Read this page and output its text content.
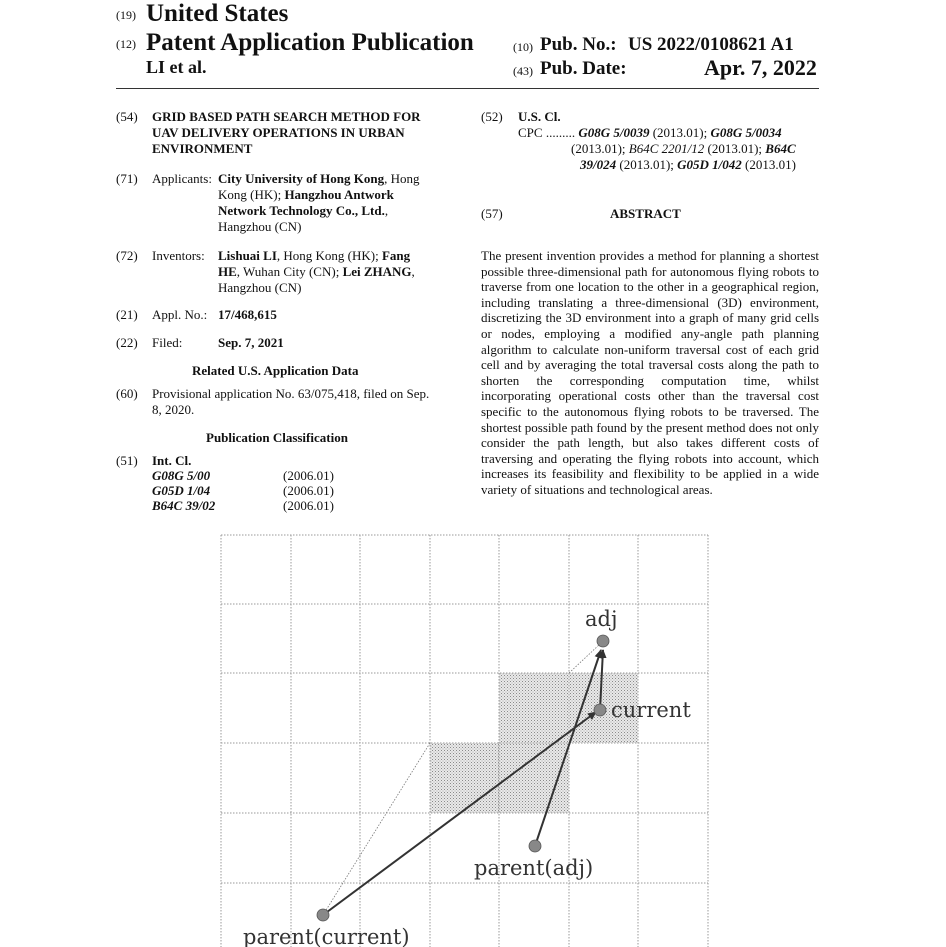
(19) United States
(12) Patent Application Publication
LI et al.
(10) Pub. No.: US 2022/0108621 A1
(43) Pub. Date:	Apr. 7, 2022
(54) GRID BASED PATH SEARCH METHOD FOR
UAV DELIVERY OPERATIONS IN URBAN
ENVIRONMENT
(71) Applicants: City University of Hong Kong, Hong
Kong (HK); Hangzhou Antwork
Network Technology Co., Ltd.,
Hangzhou (CN)
(72) Inventors: Lishuai LI, Hong Kong (HK); Fang
HE, Wuhan City (CN); Lei ZHANG,
Hangzhou (CN)
(21) Appl. No.: 17/468,615
(22) Filed:	Sep. 7, 2021
Related U.S. Application Data
(60) Provisional application No. 63/075,418, filed on Sep.
8, 2020.
Publication Classification
(51) Int. Cl.
G08G 5/00	(2006.01)
G05D 1/04	(2006.01)
B64C 39/02	(2006.01)
(52) U.S. Cl.
CPC ......... G08G 5/0039 (2013.01); G08G 5/0034
(2013.01); B64C 2201/12 (2013.01); B64C
39/024 (2013.01); G05D 1/042 (2013.01)
(57)	ABSTRACT
The present invention provides a method for planning a shortest possible three-dimensional path for autonomous flying robots to traverse from one location to the other in a geographical region, including translating a three-dimensional (3D) environment, discretizing the 3D environment into a graph of many grid cells or nodes, employing a modified any-angle path planning algorithm to calculate non-uniform traversal cost of each grid cell and by averaging the total traversal costs along the path to shorten the corresponding computation time, whilst incorporating operational costs other than the traversal cost specific to the autonomous flying robots to be traversed. The shortest possible path found by the present method does not only consider the path length, but also takes different costs of traversing and operating the flying robots into account, which increases its feasibility and flexibility to be applied in a wide variety of situations and technological areas.
adj
current
parent(adj)
parent(current)
